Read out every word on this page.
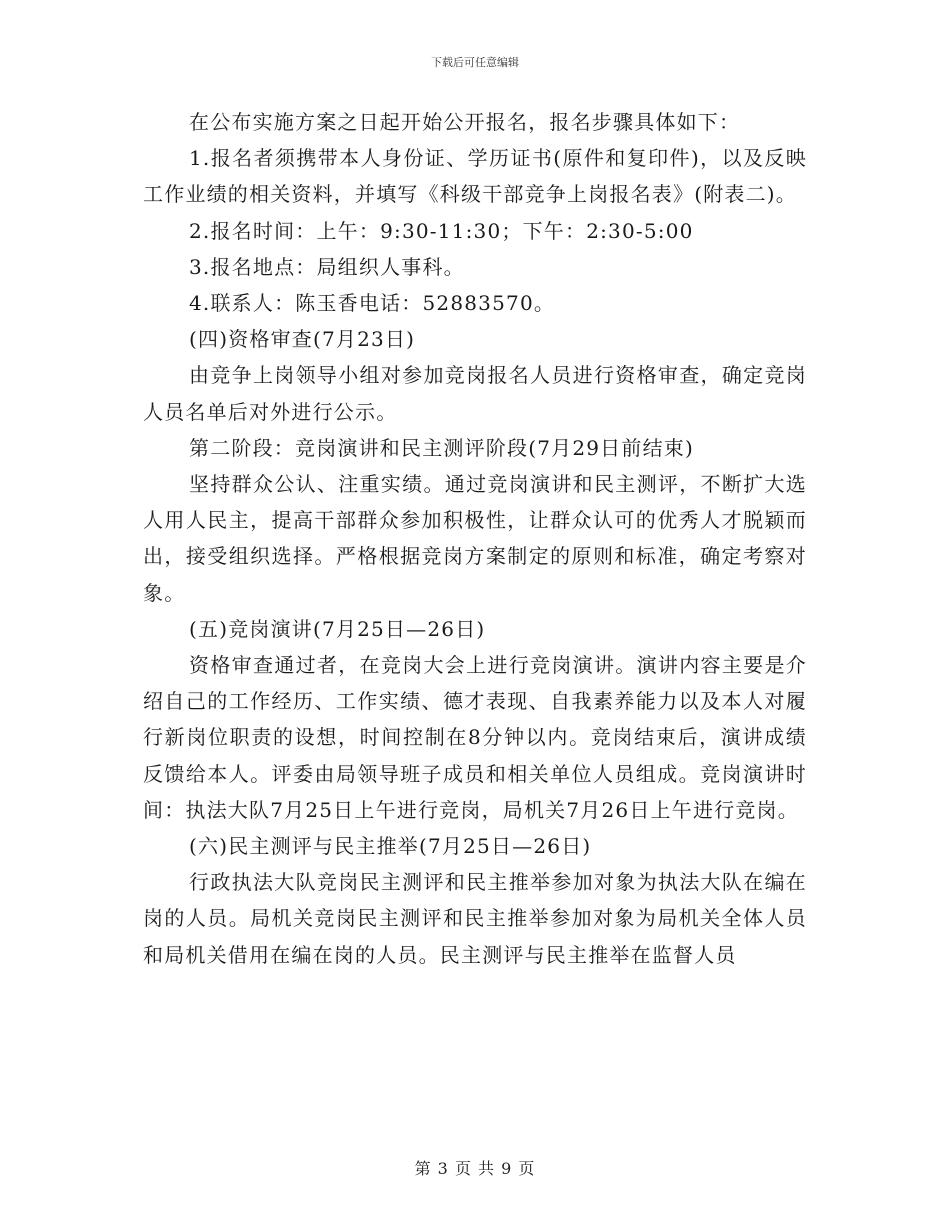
下载后可任意编辑

在公布实施方案之日起开始公开报名，报名步骤具体如下：

1.报名者须携带本人身份证、学历证书(原件和复印件)，以及反映工作业绩的相关资料，并填写《科级干部竞争上岗报名表》(附表二)。

2.报名时间：上午：9:30-11:30；下午：2:30-5:00

3.报名地点：局组织人事科。

4.联系人：陈玉香电话：52883570。

(四)资格审查(7月23日)

由竞争上岗领导小组对参加竞岗报名人员进行资格审查，确定竞岗人员名单后对外进行公示。

第二阶段：竞岗演讲和民主测评阶段(7月29日前结束)

坚持群众公认、注重实绩。通过竞岗演讲和民主测评，不断扩大选人用人民主，提高干部群众参加积极性，让群众认可的优秀人才脱颖而出，接受组织选择。严格根据竞岗方案制定的原则和标准，确定考察对象。

(五)竞岗演讲(7月25日—26日)

资格审查通过者，在竞岗大会上进行竞岗演讲。演讲内容主要是介绍自己的工作经历、工作实绩、德才表现、自我素养能力以及本人对履行新岗位职责的设想，时间控制在8分钟以内。竞岗结束后，演讲成绩反馈给本人。评委由局领导班子成员和相关单位人员组成。竞岗演讲时间：执法大队7月25日上午进行竞岗，局机关7月26日上午进行竞岗。

(六)民主测评与民主推举(7月25日—26日)

行政执法大队竞岗民主测评和民主推举参加对象为执法大队在编在岗的人员。局机关竞岗民主测评和民主推举参加对象为局机关全体人员和局机关借用在编在岗的人员。民主测评与民主推举在监督人员

第 3 页 共 9 页
